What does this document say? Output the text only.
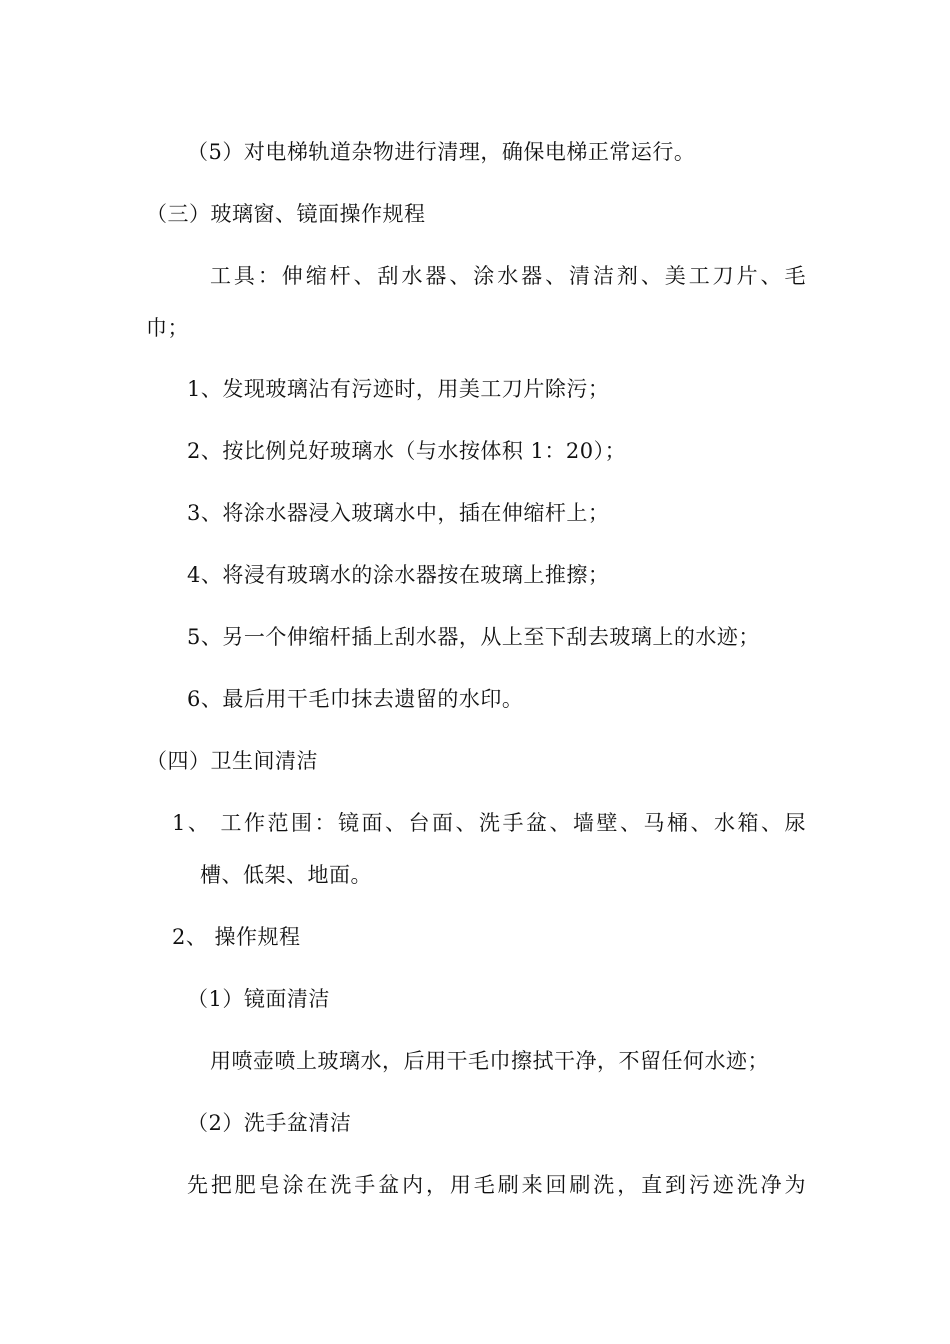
（5）对电梯轨道杂物进行清理，确保电梯正常运行。
（三）玻璃窗、镜面操作规程
工具：伸缩杆、刮水器、涂水器、清洁剂、美工刀片、毛
巾；
1、发现玻璃沾有污迹时，用美工刀片除污；
2、按比例兑好玻璃水（与水按体积 1：20）；
3、将涂水器浸入玻璃水中，插在伸缩杆上；
4、将浸有玻璃水的涂水器按在玻璃上推擦；
5、另一个伸缩杆插上刮水器，从上至下刮去玻璃上的水迹；
6、最后用干毛巾抹去遗留的水印。
（四）卫生间清洁
1、 工作范围：镜面、台面、洗手盆、墙壁、马桶、水箱、尿
槽、低架、地面。
2、 操作规程
（1）镜面清洁
用喷壶喷上玻璃水，后用干毛巾擦拭干净，不留任何水迹；
（2）洗手盆清洁
先把肥皂涂在洗手盆内，用毛刷来回刷洗，直到污迹洗净为
